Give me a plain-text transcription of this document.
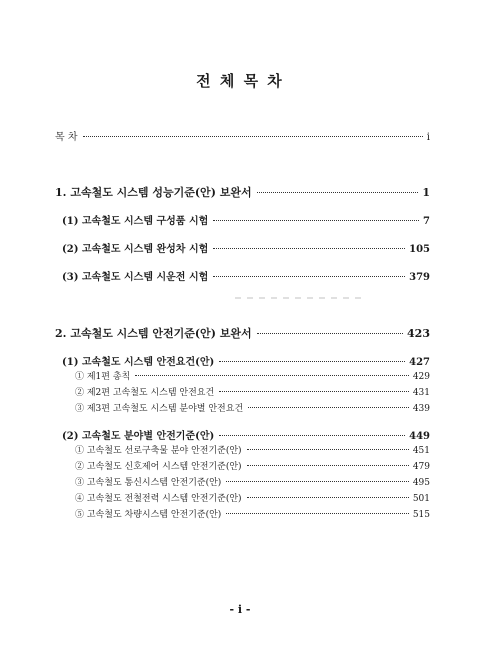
전 체 목 차
목 차	i
1. 고속철도 시스템 성능기준(안) 보완서	1
(1) 고속철도 시스템 구성품 시험	7
(2) 고속철도 시스템 완성차 시험	105
(3) 고속철도 시스템 시운전 시험	379
2. 고속철도 시스템 안전기준(안) 보완서	423
(1) 고속철도 시스템 안전요건(안)	427
① 제1편 총칙	429
② 제2편 고속철도 시스템 안전요건	431
③ 제3편 고속철도 시스템 분야별 안전요건	439
(2) 고속철도 분야별 안전기준(안)	449
① 고속철도 선로구축물 분야 안전기준(안)	451
② 고속철도 신호제어 시스템 안전기준(안)	479
③ 고속철도 통신시스템 안전기준(안)	495
④ 고속철도 전철전력 시스템 안전기준(안)	501
⑤ 고속철도 차량시스템 안전기준(안)	515
- i -
